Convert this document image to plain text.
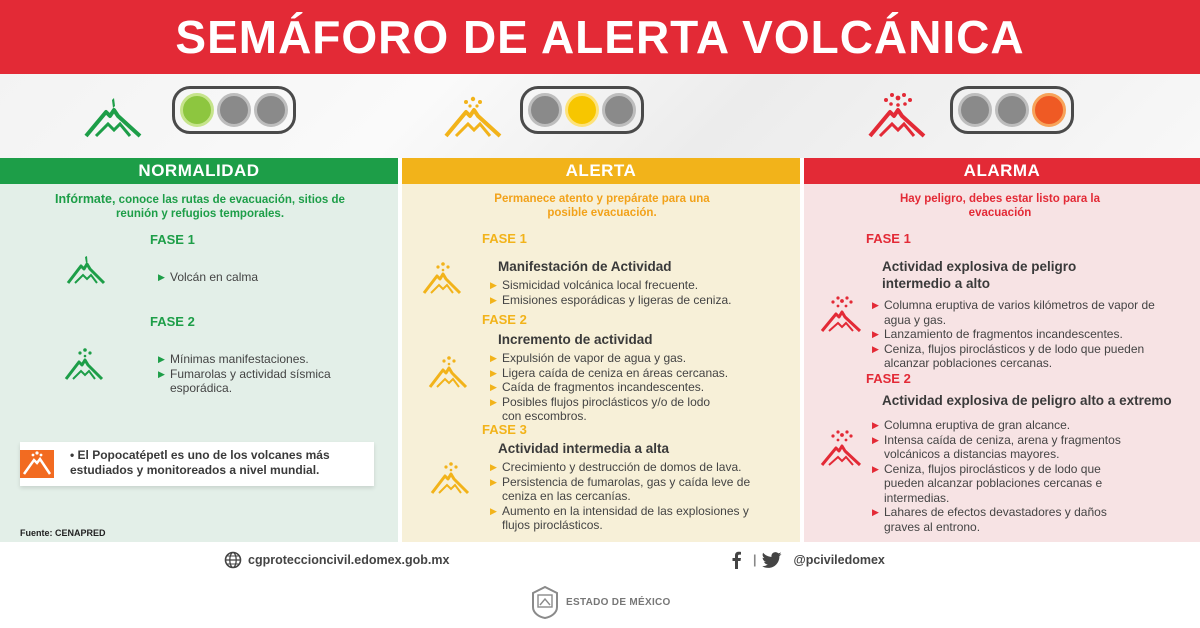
SEMÁFORO DE ALERTA VOLCÁNICA
NORMALIDAD
Infórmate, conoce las rutas de evacuación, sitios de reunión y refugios temporales.
FASE 1
▶ Volcán en calma
FASE 2
▶ Mínimas manifestaciones.
▶ Fumarolas y actividad sísmica esporádica.
• El Popocatépetl es uno de los volcanes más estudiados y monitoreados a nivel mundial.
Fuente: CENAPRED
ALERTA
Permanece atento y prepárate para una posible evacuación.
FASE 1
Manifestación de Actividad
▶ Sismicidad volcánica local frecuente.
▶ Emisiones esporádicas y ligeras de ceniza.
FASE 2
Incremento de actividad
▶ Expulsión de vapor de agua y gas.
▶ Ligera caída de ceniza en áreas cercanas.
▶ Caída de fragmentos incandescentes.
▶ Posibles flujos piroclásticos y/o de lodo con escombros.
FASE 3
Actividad intermedia a alta
▶ Crecimiento y destrucción de domos de lava.
▶ Persistencia de fumarolas, gas y caída leve de ceniza en las cercanías.
▶ Aumento en la intensidad de las explosiones y flujos piroclásticos.
ALARMA
Hay peligro, debes estar listo para la evacuación
FASE 1
Actividad explosiva de peligro intermedio a alto
▶ Columna eruptiva de varios kilómetros de vapor de agua y gas.
▶ Lanzamiento de fragmentos incandescentes.
▶ Ceniza, flujos piroclásticos y de lodo que pueden alcanzar poblaciones cercanas.
FASE 2
Actividad explosiva de peligro alto a extremo
▶ Columna eruptiva de gran alcance.
▶ Intensa caída de ceniza, arena y fragmentos volcánicos a distancias mayores.
▶ Ceniza, flujos piroclásticos y de lodo que pueden alcanzar poblaciones cercanas e intermedias.
▶ Lahares de efectos devastadores y daños graves al entrono.
cgproteccioncivil.edomex.gob.mx	|	@pciviledomex
ESTADO DE MÉXICO
